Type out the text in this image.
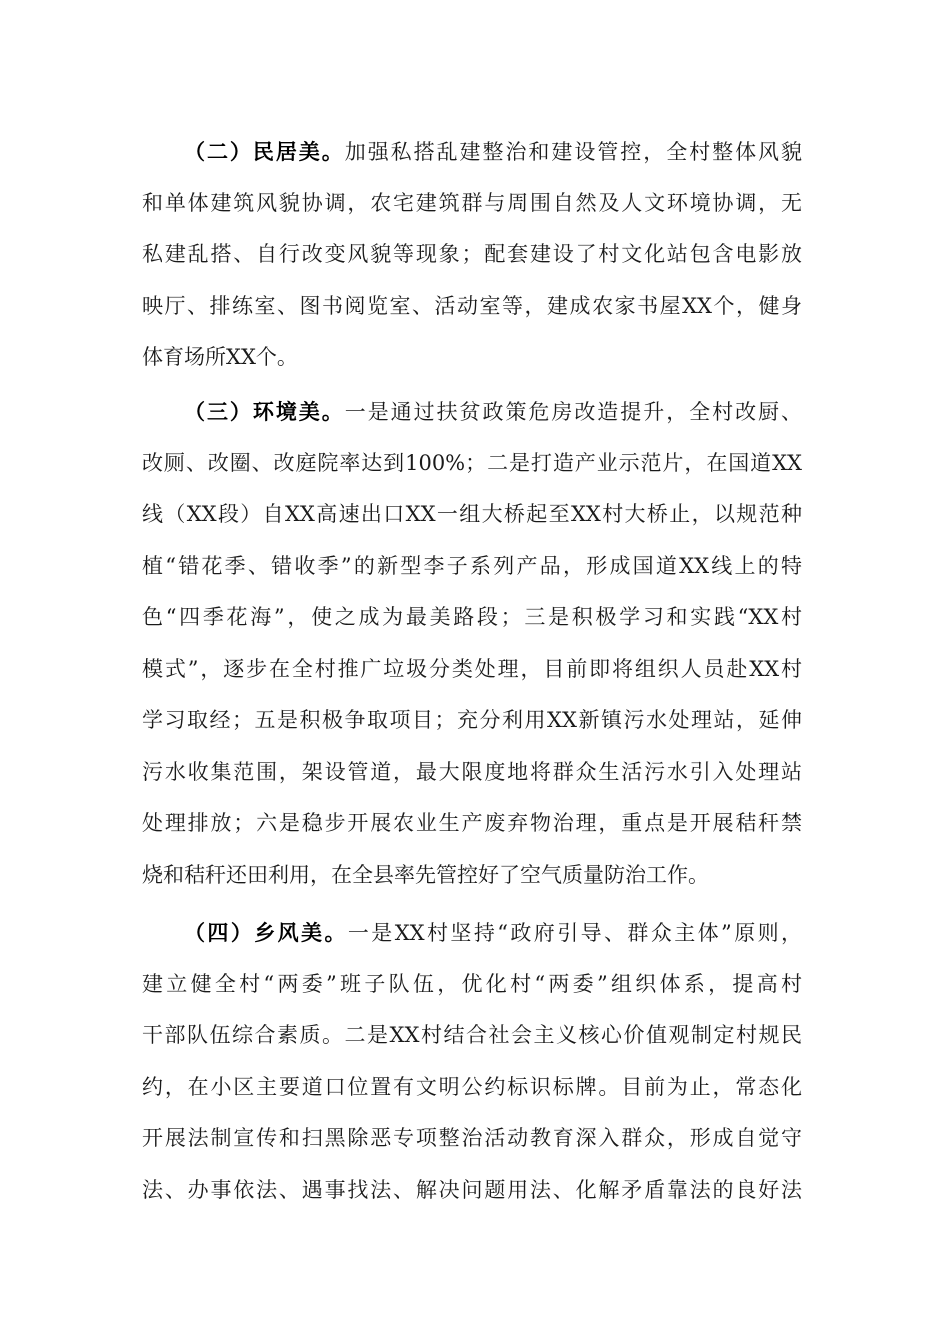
（二）民居美。加强私搭乱建整治和建设管控，全村整体风貌
和单体建筑风貌协调，农宅建筑群与周围自然及人文环境协调，无
私建乱搭、自行改变风貌等现象；配套建设了村文化站包含电影放
映厅、排练室、图书阅览室、活动室等，建成农家书屋XX个，健身
体育场所XX个。
（三）环境美。一是通过扶贫政策危房改造提升，全村改厨、
改厕、改圈、改庭院率达到100%；二是打造产业示范片，在国道XX
线（XX段）自XX高速出口XX一组大桥起至XX村大桥止，以规范种
植“错花季、错收季”的新型李子系列产品，形成国道XX线上的特
色“四季花海”，使之成为最美路段；三是积极学习和实践“XX村
模式”，逐步在全村推广垃圾分类处理，目前即将组织人员赴XX村
学习取经；五是积极争取项目；充分利用XX新镇污水处理站，延伸
污水收集范围，架设管道，最大限度地将群众生活污水引入处理站
处理排放；六是稳步开展农业生产废弃物治理，重点是开展秸秆禁
烧和秸秆还田利用，在全县率先管控好了空气质量防治工作。
（四）乡风美。一是XX村坚持“政府引导、群众主体”原则，
建立健全村“两委”班子队伍，优化村“两委”组织体系，提高村
干部队伍综合素质。二是XX村结合社会主义核心价值观制定村规民
约，在小区主要道口位置有文明公约标识标牌。目前为止，常态化
开展法制宣传和扫黑除恶专项整治活动教育深入群众，形成自觉守
法、办事依法、遇事找法、解决问题用法、化解矛盾靠法的良好法
